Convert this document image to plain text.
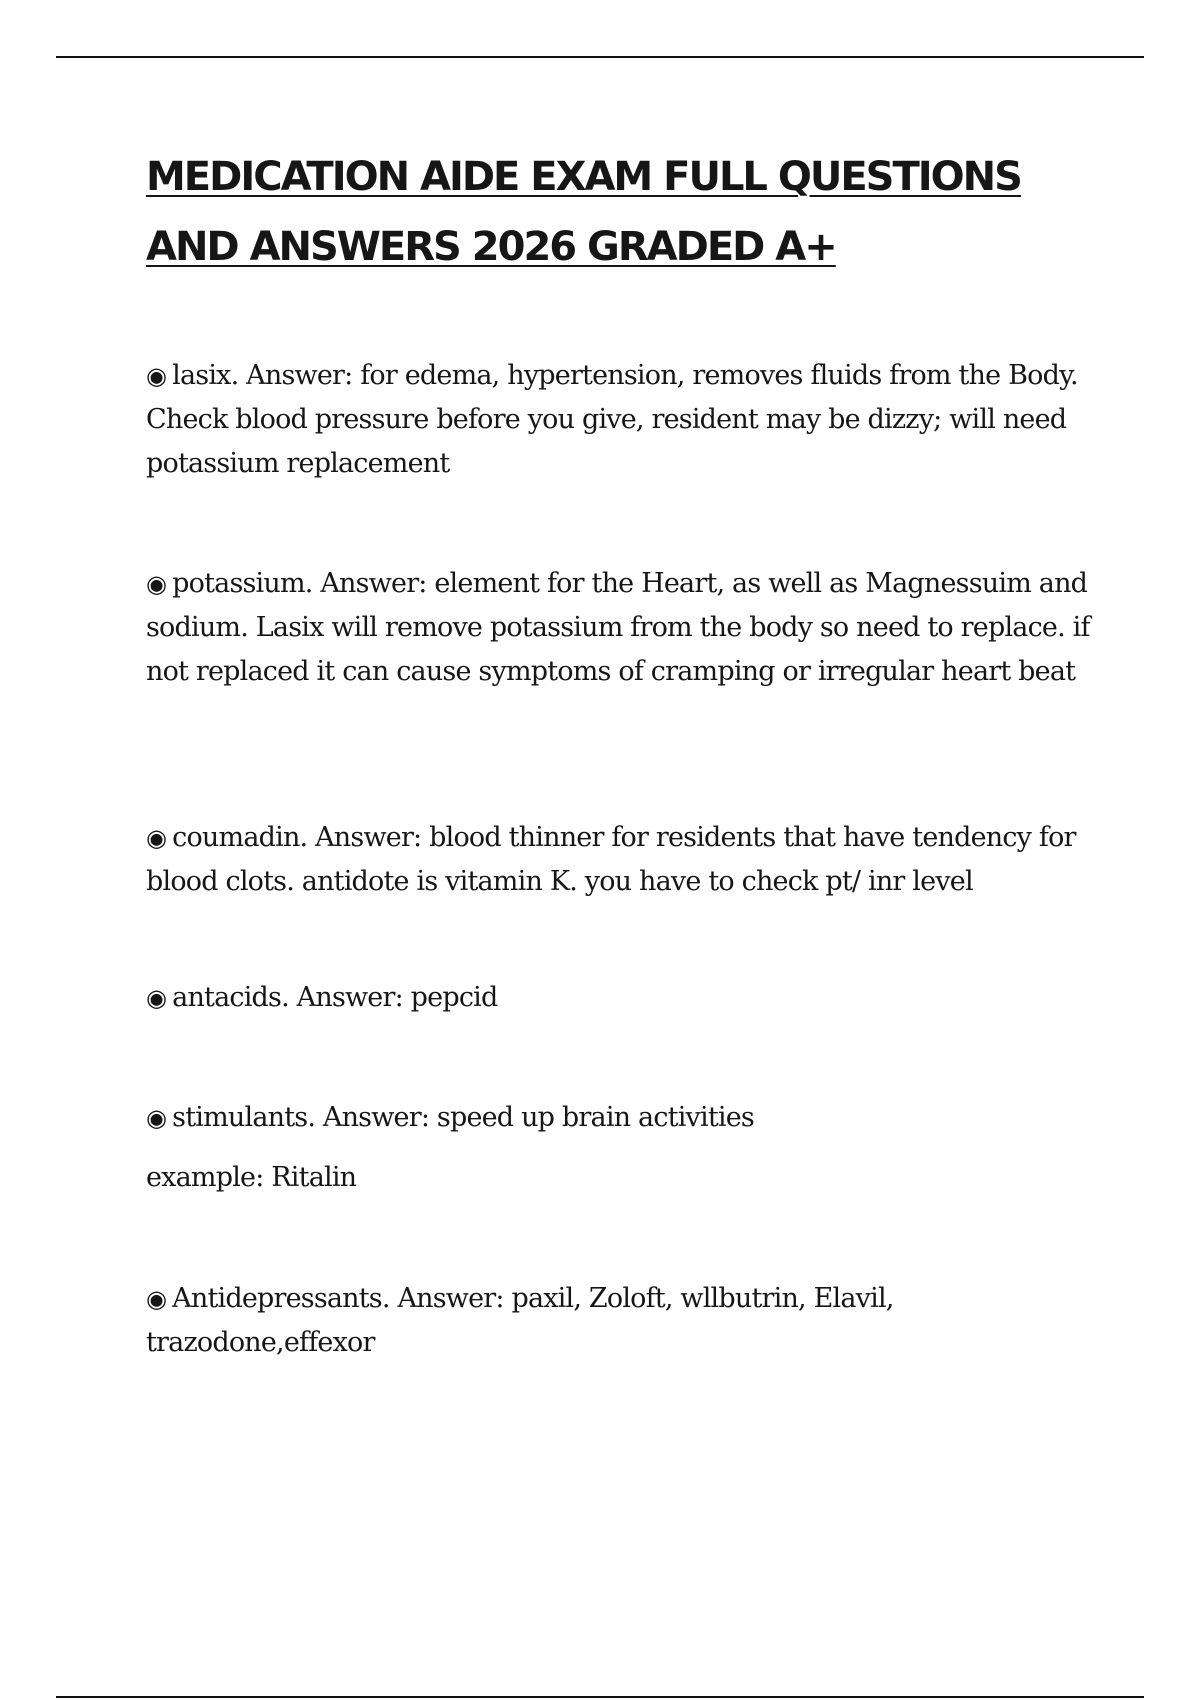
MEDICATION AIDE EXAM FULL QUESTIONS AND ANSWERS 2026 GRADED A+

◉ lasix. Answer: for edema, hypertension, removes fluids from the Body. Check blood pressure before you give, resident may be dizzy; will need potassium replacement

◉ potassium. Answer: element for the Heart, as well as Magnessuim and sodium. Lasix will remove potassium from the body so need to replace. if not replaced it can cause symptoms of cramping or irregular heart beat

◉ coumadin. Answer: blood thinner for residents that have tendency for blood clots. antidote is vitamin K. you have to check pt/ inr level

◉ antacids. Answer: pepcid

◉ stimulants. Answer: speed up brain activities

example: Ritalin

◉ Antidepressants. Answer: paxil, Zoloft, wllbutrin, Elavil, trazodone,effexor
